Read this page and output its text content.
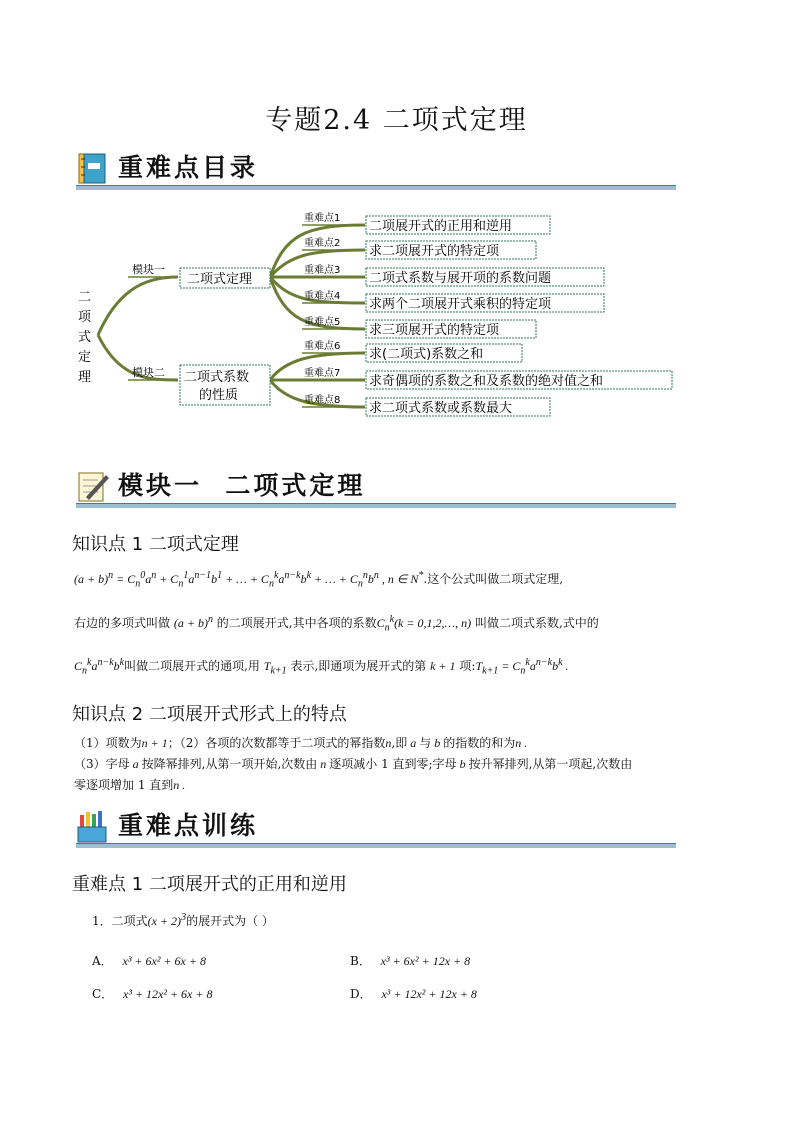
专题2.4 二项式定理
重难点目录
二
项
式
定
理
模块一
模块二
二项式定理
二项式系数
的性质
重难点1
重难点2
重难点3
重难点4
重难点5
重难点6
重难点7
重难点8
二项展开式的正用和逆用
求二项展开式的特定项
二项式系数与展开项的系数问题
求两个二项展开式乘积的特定项
求三项展开式的特定项
求(二项式)系数之和
求奇偶项的系数之和及系数的绝对值之和
求二项式系数或系数最大
模块一  二项式定理
知识点 1 二项式定理
$(a + b)^n = C_n^0a^n + C_n^1a^{n-1}b^1$ + … + $C_n^ka^{n-k}b^k$ + … + $C_n^nb^n$ , n ∈ N*.这个公式叫做二项式定理,
右边的多项式叫做 $(a + b)^n$ 的二项展开式,其中各项的系数$C_n^k(k$ = 0,1,2,…, n) 叫做二项式系数,式中的
$C_n^ka^{n-k}b^k$叫做二项展开式的通项,用 $T_{k+1}$ 表示,即通项为展开式的第 k + 1 项$:T_{k+1} = C_n^ka^{n-k}b^k$ .
知识点 2 二项展开式形式上的特点
（1）项数为n + 1；（2）各项的次数都等于二项式的幂指数n,即 a 与 b 的指数的和为n .
（3）字母 a 按降幂排列,从第一项开始,次数由 n 逐项减小 1 直到零;字母 b 按升幂排列,从第一项起,次数由
零逐项增加 1 直到n .
重难点训练
重难点 1 二项展开式的正用和逆用
1．二项式$(x + 2)^3$的展开式为（ ）
A． x³ + 6x² + 6x + 8	B． x³ + 6x² + 12x + 8
C． x³ + 12x² + 6x + 8	D． x³ + 12x² + 12x + 8
